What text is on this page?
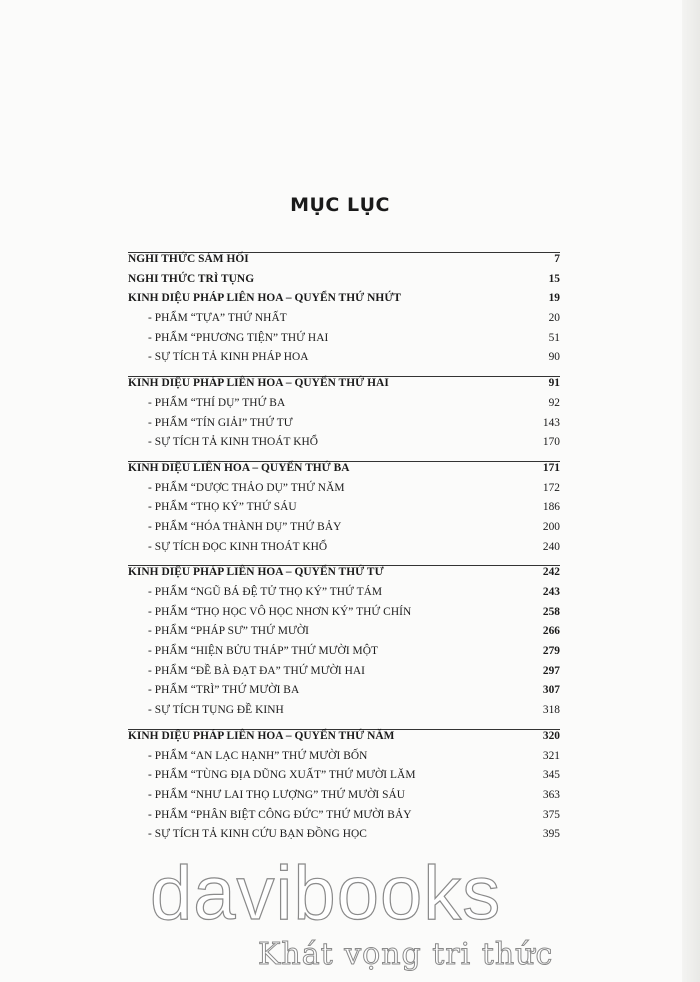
MỤC LỤC
NGHI THỨC SÁM HỐI	7
NGHI THỨC TRÌ TỤNG	15
KINH DIỆU PHÁP LIÊN HOA – QUYỂN THỨ NHỨT	19
- PHẨM “TỰA” THỨ NHẤT	20
- PHẨM “PHƯƠNG TIỆN” THỨ HAI	51
- SỰ TÍCH TẢ KINH PHÁP HOA	90
KINH DIỆU PHÁP LIÊN HOA – QUYỂN THỨ HAI	91
- PHẨM “THÍ DỤ” THỨ BA	92
- PHẨM “TÍN GIẢI” THỨ TƯ	143
- SỰ TÍCH TẢ KINH THOÁT KHỔ	170
KINH DIỆU LIÊN HOA – QUYỂN THỨ BA	171
- PHẨM “DƯỢC THẢO DỤ” THỨ NĂM	172
- PHẨM “THỌ KÝ” THỨ SÁU	186
- PHẨM “HÓA THÀNH DỤ” THỨ BẢY	200
- SỰ TÍCH ĐỌC KINH THOÁT KHỔ	240
KINH DIỆU PHÁP LIÊN HOA – QUYỂN THỨ TƯ	242
- PHẨM “NGŨ BÁ ĐỆ TỬ THỌ KÝ” THỨ TÁM	243
- PHẨM “THỌ HỌC VÔ HỌC NHƠN KÝ” THỨ CHÍN	258
- PHẨM “PHÁP SƯ” THỨ MƯỜI	266
- PHẨM “HIỆN BỬU THÁP” THỨ MƯỜI MỘT	279
- PHẨM “ĐỀ BÀ ĐẠT ĐA” THỨ MƯỜI HAI	297
- PHẨM “TRÌ” THỨ MƯỜI BA	307
- SỰ TÍCH TỤNG ĐỀ KINH	318
KINH DIỆU PHÁP LIÊN HOA – QUYỂN THỨ NĂM	320
- PHẨM “AN LẠC HẠNH” THỨ MƯỜI BỐN	321
- PHẨM “TÙNG ĐỊA DŨNG XUẤT” THỨ MƯỜI LĂM	345
- PHẨM “NHƯ LAI THỌ LƯỢNG” THỨ MƯỜI SÁU	363
- PHẨM “PHÂN BIỆT CÔNG ĐỨC” THỨ MƯỜI BẢY	375
- SỰ TÍCH TẢ KINH CỨU BẠN ĐỒNG HỌC	395
davibooks
Khát vọng tri thức
